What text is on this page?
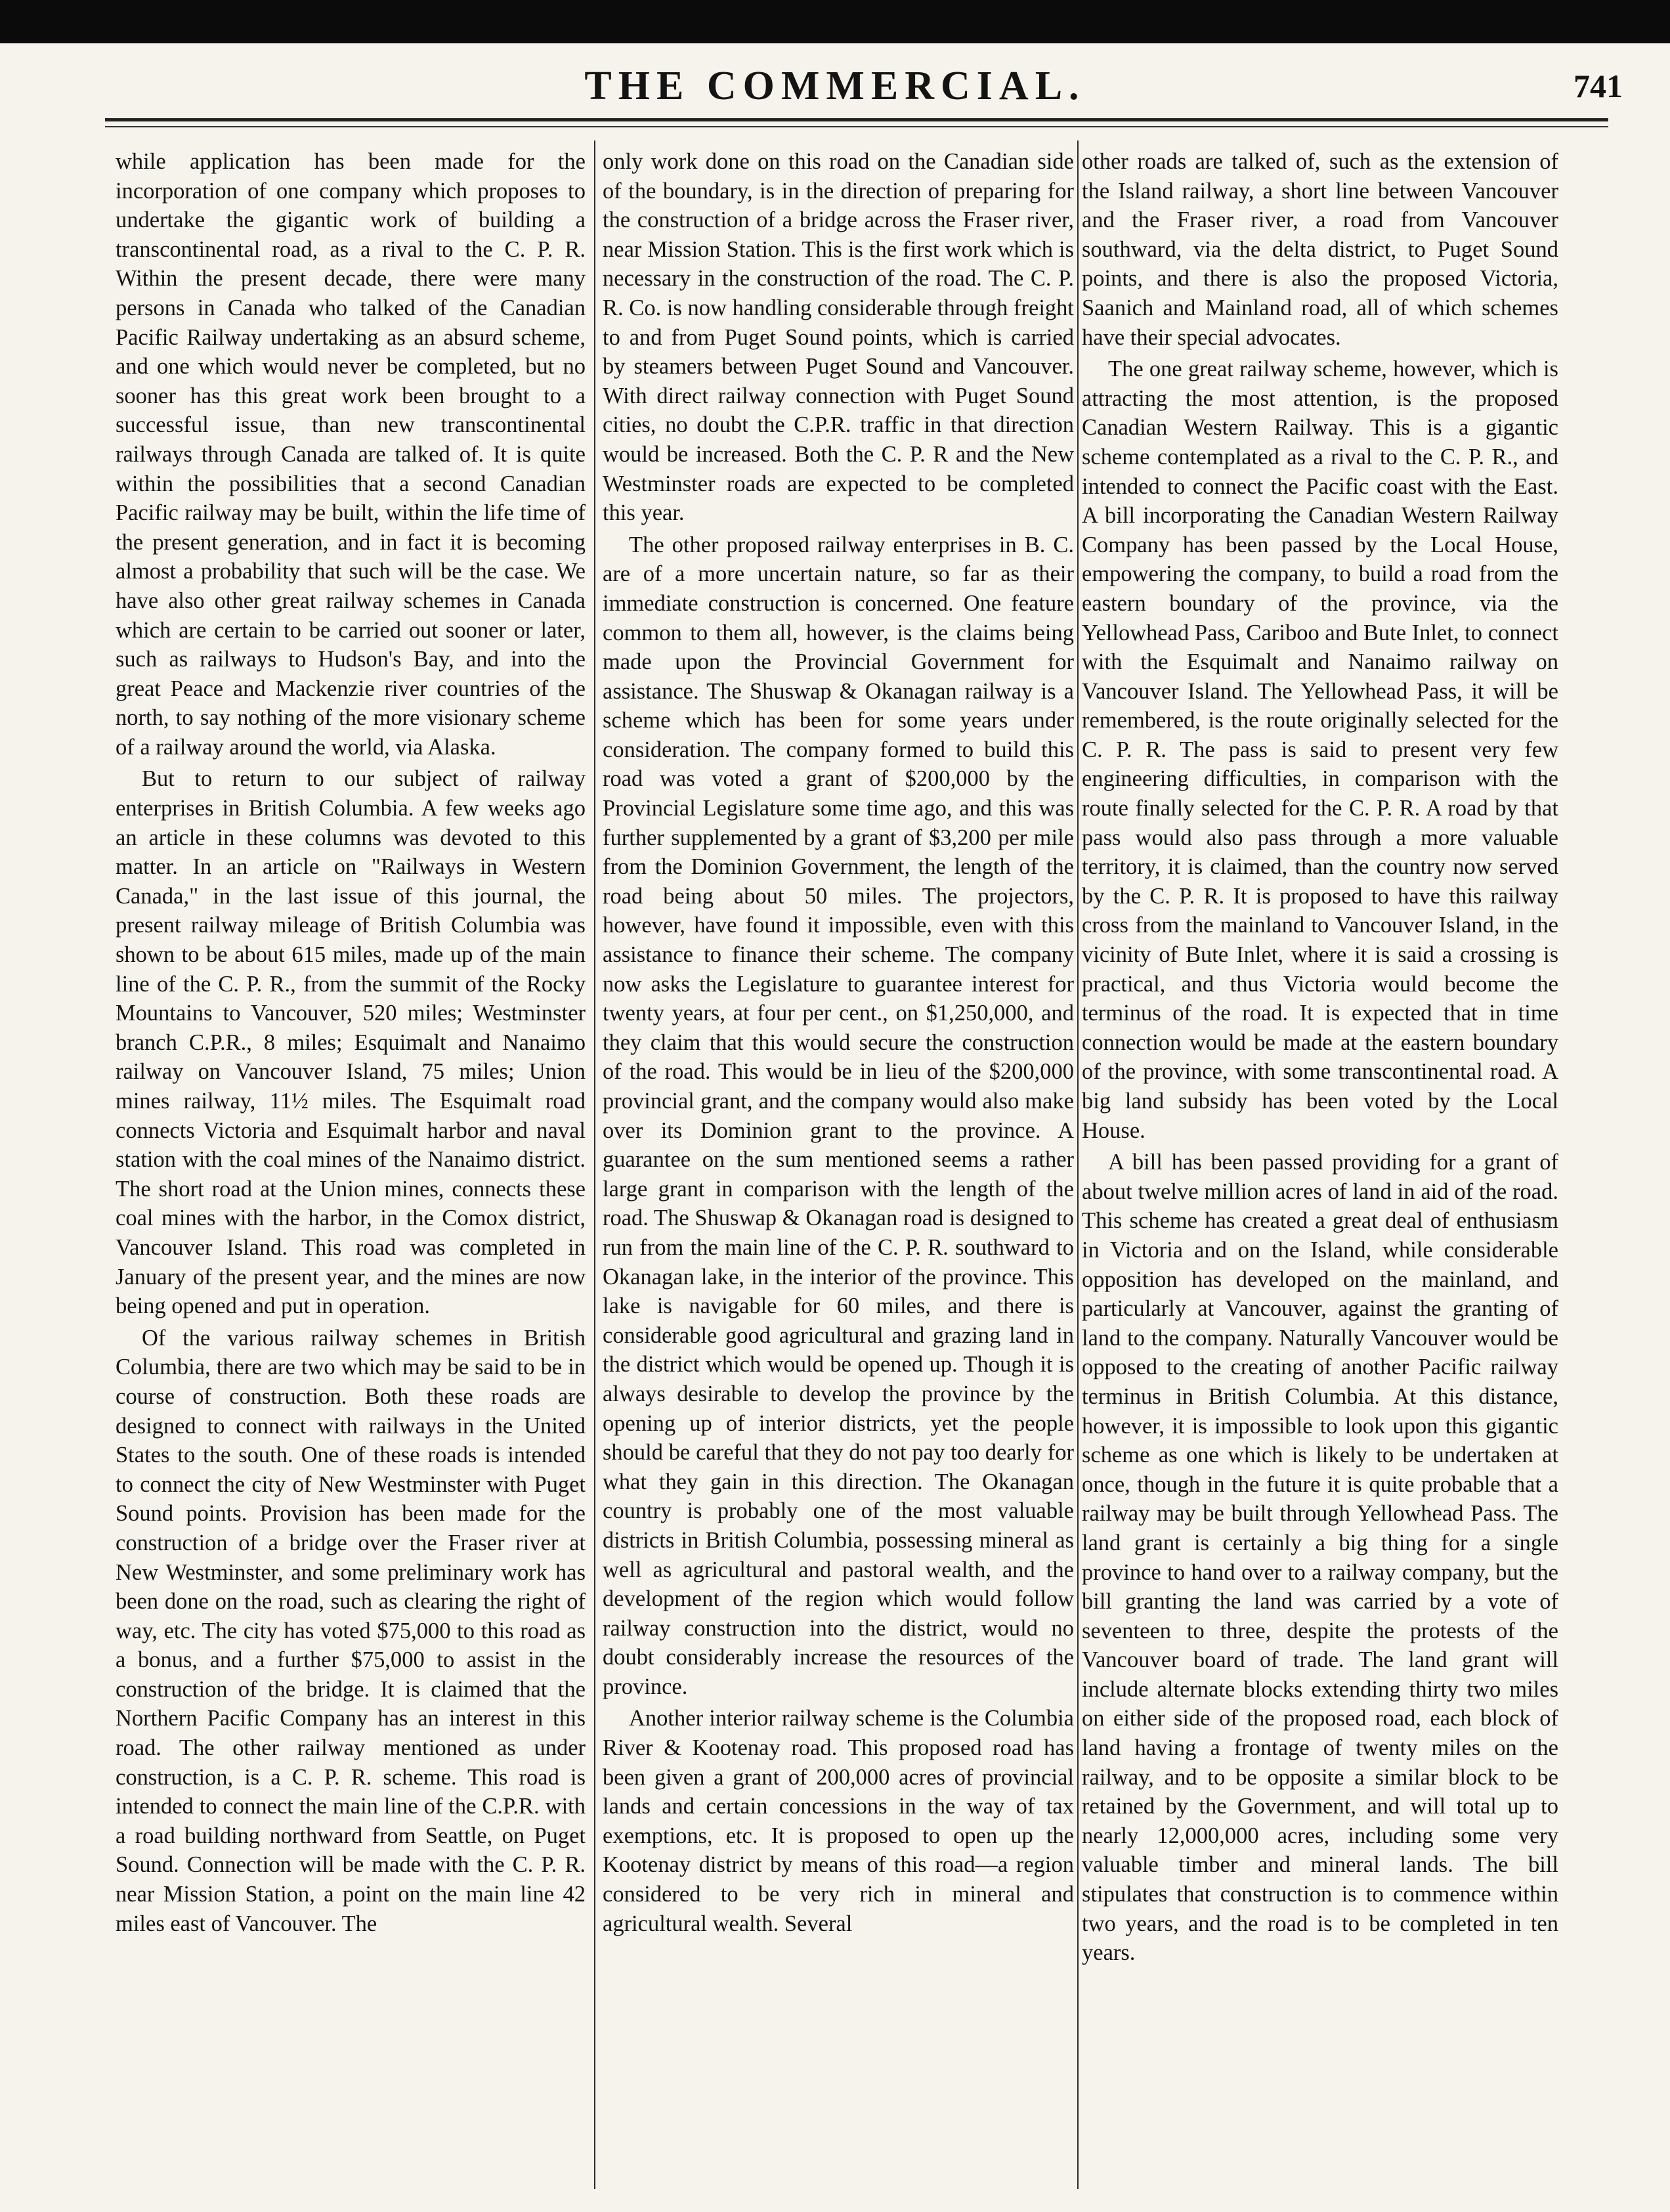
THE COMMERCIAL.	741

while application has been made for the incorporation of one company which proposes to undertake the gigantic work of building a transcontinental road, as a rival to the C. P. R. Within the present decade, there were many persons in Canada who talked of the Canadian Pacific Railway undertaking as an absurd scheme, and one which would never be completed, but no sooner has this great work been brought to a successful issue, than new transcontinental railways through Canada are talked of. It is quite within the possibilities that a second Canadian Pacific railway may be built, within the life time of the present generation, and in fact it is becoming almost a probability that such will be the case. We have also other great railway schemes in Canada which are certain to be carried out sooner or later, such as railways to Hudson's Bay, and into the great Peace and Mackenzie river countries of the north, to say nothing of the more visionary scheme of a railway around the world, via Alaska.

But to return to our subject of railway enterprises in British Columbia. A few weeks ago an article in these columns was devoted to this matter. In an article on "Railways in Western Canada," in the last issue of this journal, the present railway mileage of British Columbia was shown to be about 615 miles, made up of the main line of the C. P. R., from the summit of the Rocky Mountains to Vancouver, 520 miles; Westminster branch C.P.R., 8 miles; Esquimalt and Nanaimo railway on Vancouver Island, 75 miles; Union mines railway, 11½ miles. The Esquimalt road connects Victoria and Esquimalt harbor and naval station with the coal mines of the Nanaimo district. The short road at the Union mines, connects these coal mines with the harbor, in the Comox district, Vancouver Island. This road was completed in January of the present year, and the mines are now being opened and put in operation.

Of the various railway schemes in British Columbia, there are two which may be said to be in course of construction. Both these roads are designed to connect with railways in the United States to the south. One of these roads is intended to connect the city of New Westminster with Puget Sound points. Provision has been made for the construction of a bridge over the Fraser river at New Westminster, and some preliminary work has been done on the road, such as clearing the right of way, etc. The city has voted $75,000 to this road as a bonus, and a further $75,000 to assist in the construction of the bridge. It is claimed that the Northern Pacific Company has an interest in this road. The other railway mentioned as under construction, is a C. P. R. scheme. This road is intended to connect the main line of the C.P.R. with a road building northward from Seattle, on Puget Sound. Connection will be made with the C. P. R. near Mission Station, a point on the main line 42 miles east of Vancouver. The

only work done on this road on the Canadian side of the boundary, is in the direction of preparing for the construction of a bridge across the Fraser river, near Mission Station. This is the first work which is necessary in the construction of the road. The C. P. R. Co. is now handling considerable through freight to and from Puget Sound points, which is carried by steamers between Puget Sound and Vancouver. With direct railway connection with Puget Sound cities, no doubt the C.P.R. traffic in that direction would be increased. Both the C. P. R and the New Westminster roads are expected to be completed this year.

The other proposed railway enterprises in B. C. are of a more uncertain nature, so far as their immediate construction is concerned. One feature common to them all, however, is the claims being made upon the Provincial Government for assistance. The Shuswap & Okanagan railway is a scheme which has been for some years under consideration. The company formed to build this road was voted a grant of $200,000 by the Provincial Legislature some time ago, and this was further supplemented by a grant of $3,200 per mile from the Dominion Government, the length of the road being about 50 miles. The projectors, however, have found it impossible, even with this assistance to finance their scheme. The company now asks the Legislature to guarantee interest for twenty years, at four per cent., on $1,250,000, and they claim that this would secure the construction of the road. This would be in lieu of the $200,000 provincial grant, and the company would also make over its Dominion grant to the province. A guarantee on the sum mentioned seems a rather large grant in comparison with the length of the road. The Shuswap & Okanagan road is designed to run from the main line of the C. P. R. southward to Okanagan lake, in the interior of the province. This lake is navigable for 60 miles, and there is considerable good agricultural and grazing land in the district which would be opened up. Though it is always desirable to develop the province by the opening up of interior districts, yet the people should be careful that they do not pay too dearly for what they gain in this direction. The Okanagan country is probably one of the most valuable districts in British Columbia, possessing mineral as well as agricultural and pastoral wealth, and the development of the region which would follow railway construction into the district, would no doubt considerably increase the resources of the province.

Another interior railway scheme is the Columbia River & Kootenay road. This proposed road has been given a grant of 200,000 acres of provincial lands and certain concessions in the way of tax exemptions, etc. It is proposed to open up the Kootenay district by means of this road—a region considered to be very rich in mineral and agricultural wealth. Several

other roads are talked of, such as the extension of the Island railway, a short line between Vancouver and the Fraser river, a road from Vancouver southward, via the delta district, to Puget Sound points, and there is also the proposed Victoria, Saanich and Mainland road, all of which schemes have their special advocates.

The one great railway scheme, however, which is attracting the most attention, is the proposed Canadian Western Railway. This is a gigantic scheme contemplated as a rival to the C. P. R., and intended to connect the Pacific coast with the East. A bill incorporating the Canadian Western Railway Company has been passed by the Local House, empowering the company, to build a road from the eastern boundary of the province, via the Yellowhead Pass, Cariboo and Bute Inlet, to connect with the Esquimalt and Nanaimo railway on Vancouver Island. The Yellowhead Pass, it will be remembered, is the route originally selected for the C. P. R. The pass is said to present very few engineering difficulties, in comparison with the route finally selected for the C. P. R. A road by that pass would also pass through a more valuable territory, it is claimed, than the country now served by the C. P. R. It is proposed to have this railway cross from the mainland to Vancouver Island, in the vicinity of Bute Inlet, where it is said a crossing is practical, and thus Victoria would become the terminus of the road. It is expected that in time connection would be made at the eastern boundary of the province, with some transcontinental road. A big land subsidy has been voted by the Local House.

A bill has been passed providing for a grant of about twelve million acres of land in aid of the road. This scheme has created a great deal of enthusiasm in Victoria and on the Island, while considerable opposition has developed on the mainland, and particularly at Vancouver, against the granting of land to the company. Naturally Vancouver would be opposed to the creating of another Pacific railway terminus in British Columbia. At this distance, however, it is impossible to look upon this gigantic scheme as one which is likely to be undertaken at once, though in the future it is quite probable that a railway may be built through Yellowhead Pass. The land grant is certainly a big thing for a single province to hand over to a railway company, but the bill granting the land was carried by a vote of seventeen to three, despite the protests of the Vancouver board of trade. The land grant will include alternate blocks extending thirty two miles on either side of the proposed road, each block of land having a frontage of twenty miles on the railway, and to be opposite a similar block to be retained by the Government, and will total up to nearly 12,000,000 acres, including some very valuable timber and mineral lands. The bill stipulates that construction is to commence within two years, and the road is to be completed in ten years.
